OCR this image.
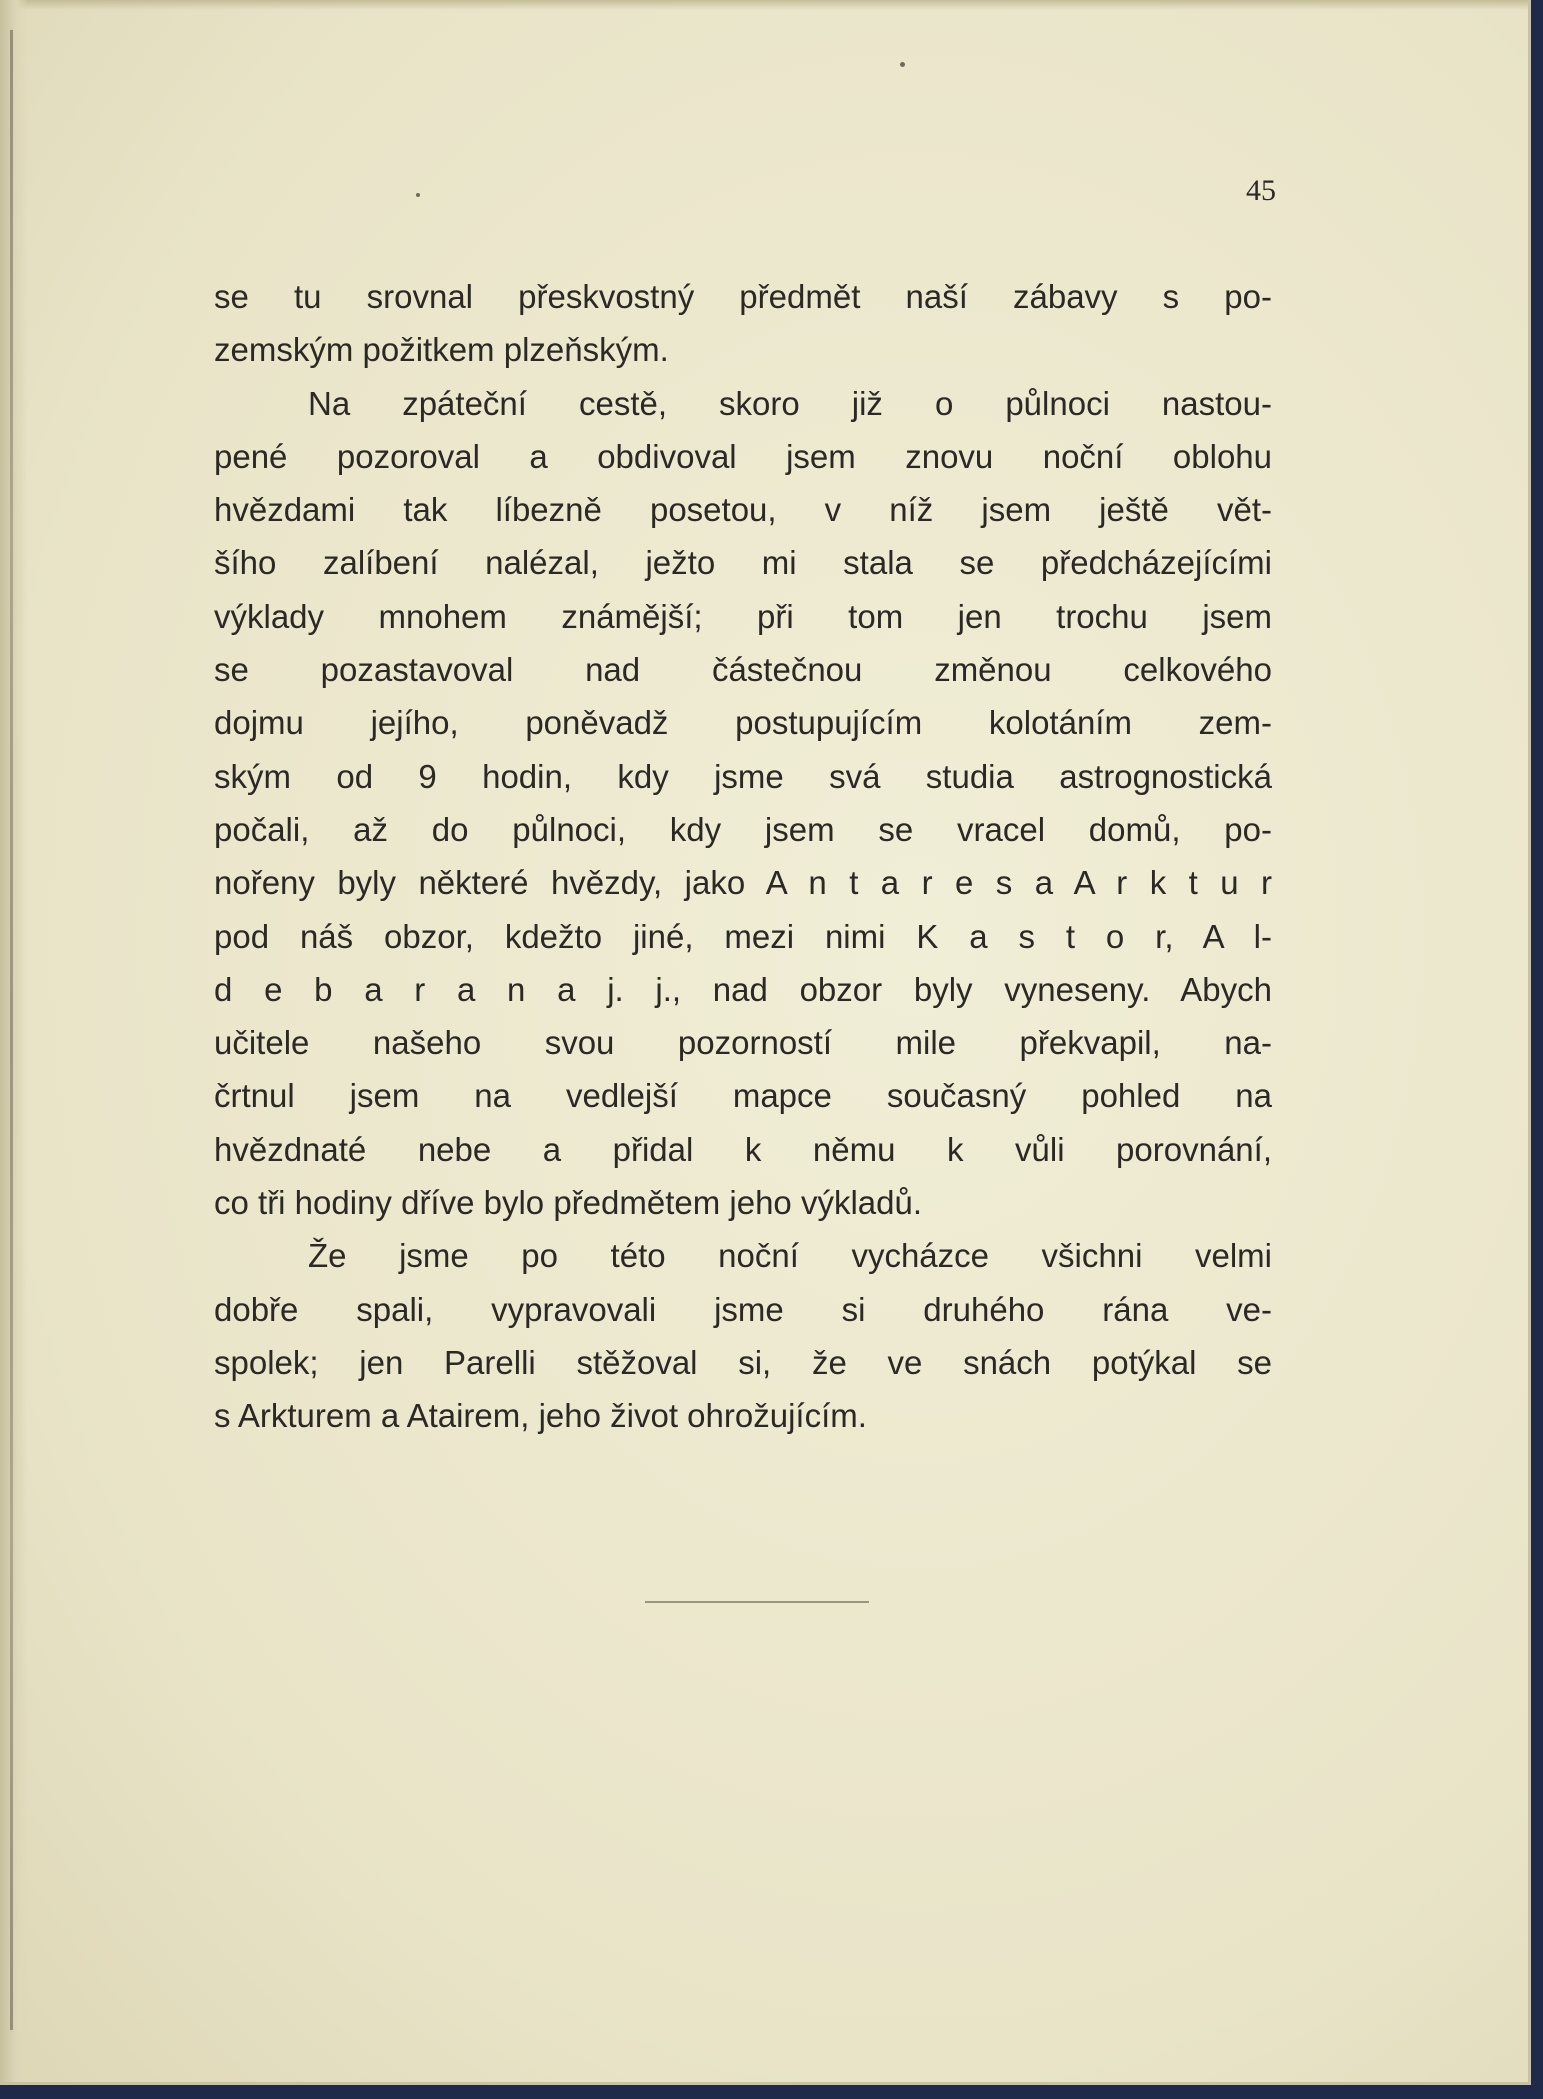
45
se tu srovnal přeskvostný předmět naší zábavy s po-
zemským požitkem plzeňským.
Na zpáteční cestě, skoro již o půlnoci nastou-
pené pozoroval a obdivoval jsem znovu noční oblohu
hvězdami tak líbezně posetou, v níž jsem ještě vět-
šího zalíbení nalézal, ježto mi stala se předcházejícími
výklady mnohem známější; při tom jen trochu jsem
se pozastavoval nad částečnou změnou celkového
dojmu jejího, poněvadž postupujícím kolotáním zem-
ským od 9 hodin, kdy jsme svá studia astrognostická
počali, až do půlnoci, kdy jsem se vracel domů, po-
nořeny byly některé hvězdy, jako A n t a r e s a A r k t u r
pod náš obzor, kdežto jiné, mezi nimi K a s t o r, A l-
d e b a r a n a j. j., nad obzor byly vyneseny. Abych
učitele našeho svou pozorností mile překvapil, na-
črtnul jsem na vedlejší mapce současný pohled na
hvězdnaté nebe a přidal k němu k vůli porovnání,
co tři hodiny dříve bylo předmětem jeho výkladů.
Že jsme po této noční vycházce všichni velmi
dobře spali, vypravovali jsme si druhého rána ve-
spolek; jen Parelli stěžoval si, že ve snách potýkal se
s Arkturem a Atairem, jeho život ohrožujícím.
